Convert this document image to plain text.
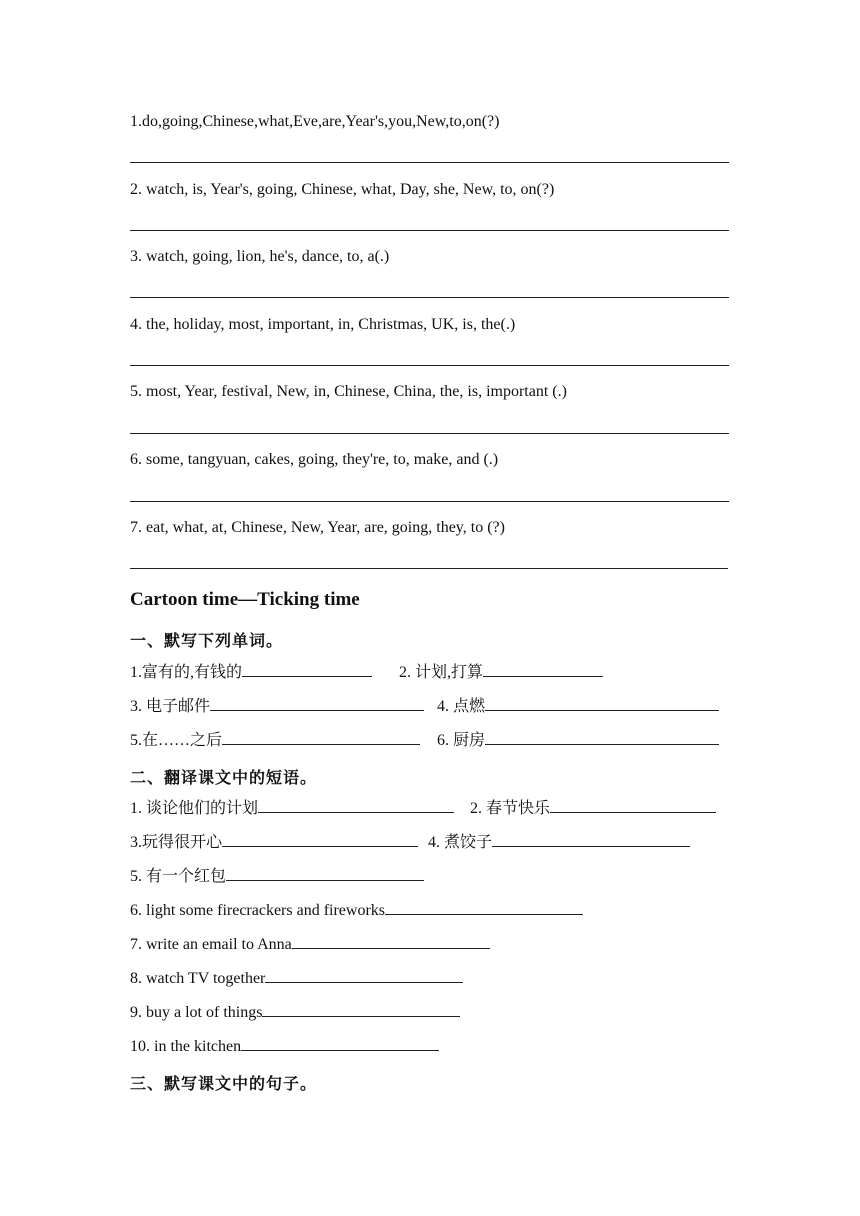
1.do,going,Chinese,what,Eve,are,Year's,you,New,to,on(?)
2. watch, is, Year's, going, Chinese, what, Day, she, New, to, on(?)
3. watch, going, lion, he's, dance, to, a(.)
4. the, holiday, most, important, in, Christmas, UK, is, the(.)
5. most, Year, festival, New, in, Chinese, China, the, is, important (.)
6. some, tangyuan, cakes, going, they're, to, make, and (.)
7. eat, what, at, Chinese, New, Year, are, going, they, to (?)
Cartoon time—Ticking time
一、默写下列单词。
1.富有的,有钱的	2. 计划,打算
3. 电子邮件	4. 点燃
5.在……之后	6. 厨房
二、翻译课文中的短语。
1. 谈论他们的计划	2. 春节快乐
3.玩得很开心	4. 煮饺子
5. 有一个红包
6. light some firecrackers and fireworks
7. write an email to Anna
8. watch TV together
9. buy a lot of things
10. in the kitchen
三、默写课文中的句子。
